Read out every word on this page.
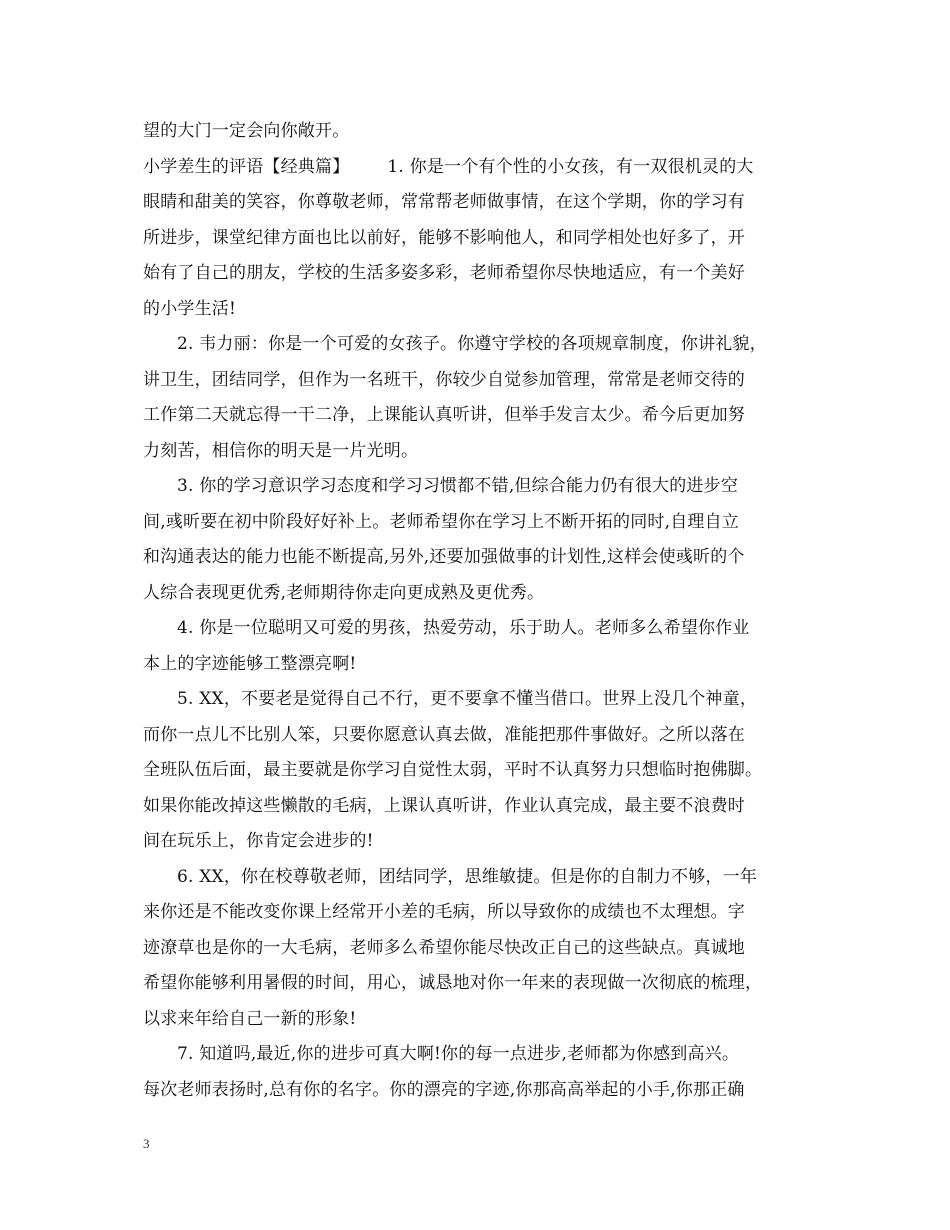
望的大门一定会向你敞开。
小学差生的评语【经典篇】 1. 你是一个有个性的小女孩，有一双很机灵的大
眼睛和甜美的笑容，你尊敬老师，常常帮老师做事情，在这个学期，你的学习有
所进步，课堂纪律方面也比以前好，能够不影响他人，和同学相处也好多了，开
始有了自己的朋友，学校的生活多姿多彩，老师希望你尽快地适应，有一个美好
的小学生活!
2. 韦力丽：你是一个可爱的女孩子。你遵守学校的各项规章制度，你讲礼貌，
讲卫生，团结同学，但作为一名班干，你较少自觉参加管理，常常是老师交待的
工作第二天就忘得一干二净，上课能认真听讲，但举手发言太少。希今后更加努
力刻苦，相信你的明天是一片光明。
3. 你的学习意识学习态度和学习习惯都不错,但综合能力仍有很大的进步空
间,彧昕要在初中阶段好好补上。老师希望你在学习上不断开拓的同时,自理自立
和沟通表达的能力也能不断提高,另外,还要加强做事的计划性,这样会使彧昕的个
人综合表现更优秀,老师期待你走向更成熟及更优秀。
4. 你是一位聪明又可爱的男孩，热爱劳动，乐于助人。老师多么希望你作业
本上的字迹能够工整漂亮啊!
5. XX，不要老是觉得自己不行，更不要拿不懂当借口。世界上没几个神童，
而你一点儿不比别人笨，只要你愿意认真去做，准能把那件事做好。之所以落在
全班队伍后面，最主要就是你学习自觉性太弱，平时不认真努力只想临时抱佛脚。
如果你能改掉这些懒散的毛病，上课认真听讲，作业认真完成，最主要不浪费时
间在玩乐上，你肯定会进步的!
6. XX，你在校尊敬老师，团结同学，思维敏捷。但是你的自制力不够，一年
来你还是不能改变你课上经常开小差的毛病，所以导致你的成绩也不太理想。字
迹潦草也是你的一大毛病，老师多么希望你能尽快改正自己的这些缺点。真诚地
希望你能够利用暑假的时间，用心，诚恳地对你一年来的表现做一次彻底的梳理，
以求来年给自己一新的形象!
7. 知道吗,最近,你的进步可真大啊!你的每一点进步,老师都为你感到高兴。
每次老师表扬时,总有你的名字。你的漂亮的字迹,你那高高举起的小手,你那正确
3
